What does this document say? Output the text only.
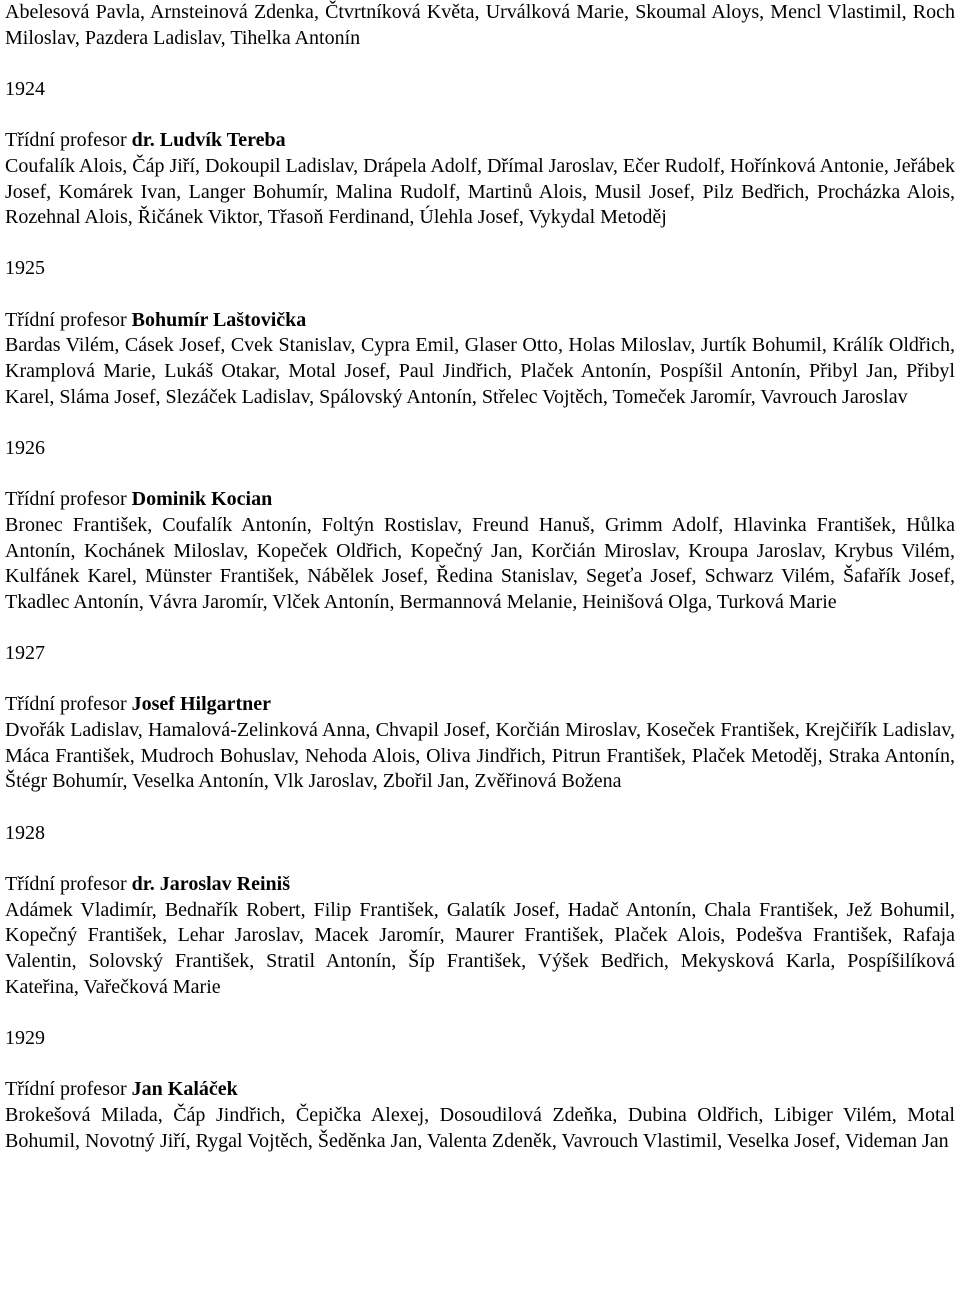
Abelesová Pavla, Arnsteinová Zdenka, Čtvrtníková Květa, Urválková Marie, Skoumal Aloys, Mencl Vlastimil, Roch Miloslav, Pazdera Ladislav, Tihelka Antonín

1924

Třídní profesor dr. Ludvík Tereba

Coufalík Alois, Čáp Jiří, Dokoupil Ladislav, Drápela Adolf, Dřímal Jaroslav, Ečer Rudolf, Hořínková Antonie, Jeřábek Josef, Komárek Ivan, Langer Bohumír, Malina Rudolf, Martinů Alois, Musil Josef, Pilz Bedřich, Procházka Alois, Rozehnal Alois, Řičánek Viktor, Třasoň Ferdinand, Úlehla Josef, Vykydal Metoděj

1925

Třídní profesor Bohumír Laštovička

Bardas Vilém, Cásek Josef, Cvek Stanislav, Cypra Emil, Glaser Otto, Holas Miloslav, Jurtík Bohumil, Králík Oldřich, Kramplová Marie, Lukáš Otakar, Motal Josef, Paul Jindřich, Plaček Antonín, Pospíšil Antonín, Přibyl Jan, Přibyl Karel, Sláma Josef, Slezáček Ladislav, Spálovský Antonín, Střelec Vojtěch, Tomeček Jaromír, Vavrouch Jaroslav

1926

Třídní profesor Dominik Kocian

Bronec František, Coufalík Antonín, Foltýn Rostislav, Freund Hanuš, Grimm Adolf, Hlavinka František, Hůlka Antonín, Kochánek Miloslav, Kopeček Oldřich, Kopečný Jan, Korčián Miroslav, Kroupa Jaroslav, Krybus Vilém, Kulfánek Karel, Münster František, Nábělek Josef, Ředina Stanislav, Segeťa Josef, Schwarz Vilém, Šafařík Josef, Tkadlec Antonín, Vávra Jaromír, Vlček Antonín, Bermannová Melanie, Heinišová Olga, Turková Marie

1927

Třídní profesor Josef Hilgartner

Dvořák Ladislav, Hamalová-Zelinková Anna, Chvapil Josef, Korčián Miroslav, Koseček František, Krejčiřík Ladislav, Máca František, Mudroch Bohuslav, Nehoda Alois, Oliva Jindřich, Pitrun František, Plaček Metoděj, Straka Antonín, Štégr Bohumír, Veselka Antonín, Vlk Jaroslav, Zbořil Jan, Zvěřinová Božena

1928

Třídní profesor dr. Jaroslav Reiniš

Adámek Vladimír, Bednařík Robert, Filip František, Galatík Josef, Hadač Antonín, Chala František, Jež Bohumil, Kopečný František, Lehar Jaroslav, Macek Jaromír, Maurer František, Plaček Alois, Podešva František, Rafaja Valentin, Solovský František, Stratil Antonín, Šíp František, Výšek Bedřich, Mekysková Karla, Pospíšilíková Kateřina, Vařečková Marie

1929

Třídní profesor Jan Kaláček

Brokešová Milada, Čáp Jindřich, Čepička Alexej, Dosoudilová Zdeňka, Dubina Oldřich, Libiger Vilém, Motal Bohumil, Novotný Jiří, Rygal Vojtěch, Šeděnka Jan, Valenta Zdeněk, Vavrouch Vlastimil, Veselka Josef, Videman Jan
